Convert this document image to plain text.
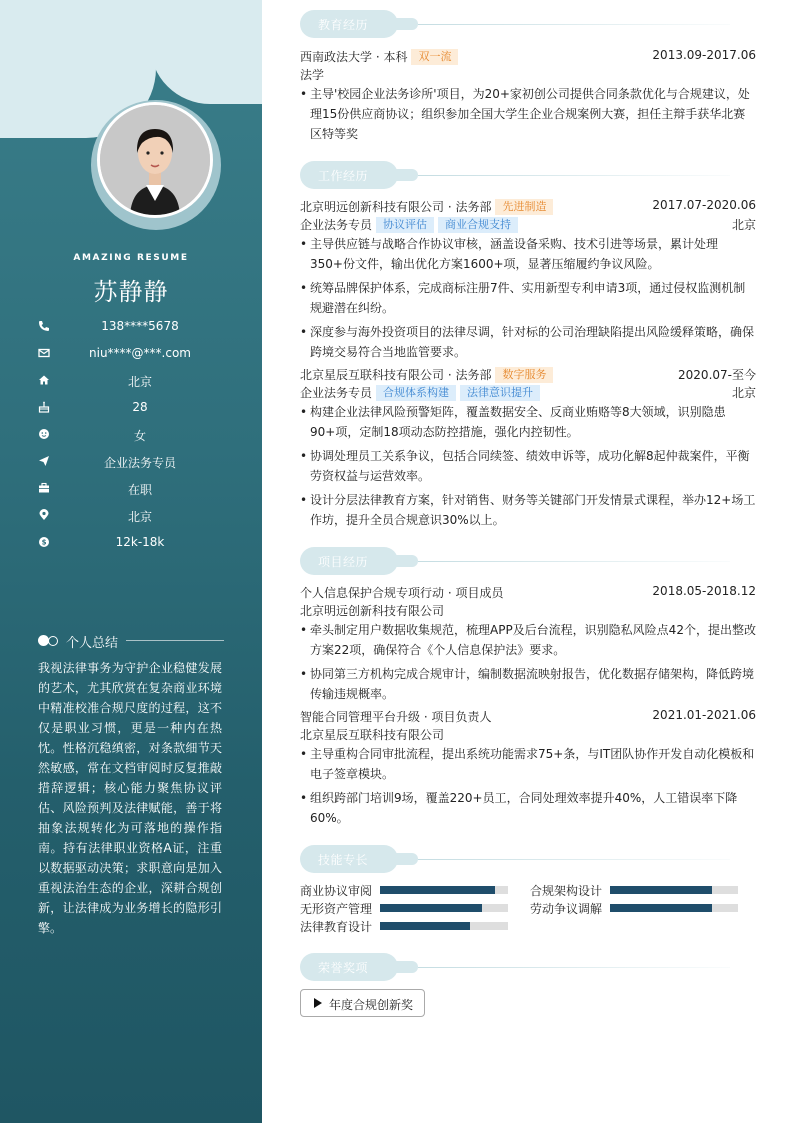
AMAZING RESUME
苏静静
138****5678
niu****@***.com
北京
28
女
企业法务专员
在职
北京
$	12k-18k
个人总结
我视法律事务为守护企业稳健发展的艺术，尤其欣赏在复杂商业环境中精准校准合规尺度的过程，这不仅是职业习惯，更是一种内在热忱。性格沉稳缜密，对条款细节天然敏感，常在文档审阅时反复推敲措辞逻辑；核心能力聚焦协议评估、风险预判及法律赋能，善于将抽象法规转化为可落地的操作指南。持有法律职业资格A证，注重以数据驱动决策；求职意向是加入重视法治生态的企业，深耕合规创新，让法律成为业务增长的隐形引擎。
教育经历
西南政法大学 · 本科 双一流	2013.09-2017.06
法学
• 主导'校园企业法务诊所'项目，为20+家初创公司提供合同条款优化与合规建议，处理15份供应商协议；组织参加全国大学生企业合规案例大赛，担任主辩手获华北赛区特等奖
工作经历
北京明远创新科技有限公司 · 法务部 先进制造	2017.07-2020.06
企业法务专员 协议评估 商业合规支持	北京
• 主导供应链与战略合作协议审核，涵盖设备采购、技术引进等场景，累计处理350+份文件，输出优化方案1600+项，显著压缩履约争议风险。
• 统筹品牌保护体系，完成商标注册7件、实用新型专利申请3项，通过侵权监测机制规避潜在纠纷。
• 深度参与海外投资项目的法律尽调，针对标的公司治理缺陷提出风险缓释策略，确保跨境交易符合当地监管要求。
北京星辰互联科技有限公司 · 法务部 数字服务	2020.07-至今
企业法务专员 合规体系构建 法律意识提升	北京
• 构建企业法律风险预警矩阵，覆盖数据安全、反商业贿赂等8大领域，识别隐患90+项，定制18项动态防控措施，强化内控韧性。
• 协调处理员工关系争议，包括合同续签、绩效申诉等，成功化解8起仲裁案件，平衡劳资权益与运营效率。
• 设计分层法律教育方案，针对销售、财务等关键部门开发情景式课程，举办12+场工作坊，提升全员合规意识30%以上。
项目经历
个人信息保护合规专项行动 · 项目成员	2018.05-2018.12
北京明远创新科技有限公司
• 牵头制定用户数据收集规范，梳理APP及后台流程，识别隐私风险点42个，提出整改方案22项，确保符合《个人信息保护法》要求。
• 协同第三方机构完成合规审计，编制数据流映射报告，优化数据存储架构，降低跨境传输违规概率。
智能合同管理平台升级 · 项目负责人	2021.01-2021.06
北京星辰互联科技有限公司
• 主导重构合同审批流程，提出系统功能需求75+条，与IT团队协作开发自动化模板和电子签章模块。
• 组织跨部门培训9场，覆盖220+员工，合同处理效率提升40%，人工错误率下降60%。
技能专长
商业协议审阅	合规架构设计
无形资产管理	劳动争议调解
法律教育设计
荣誉奖项
年度合规创新奖
